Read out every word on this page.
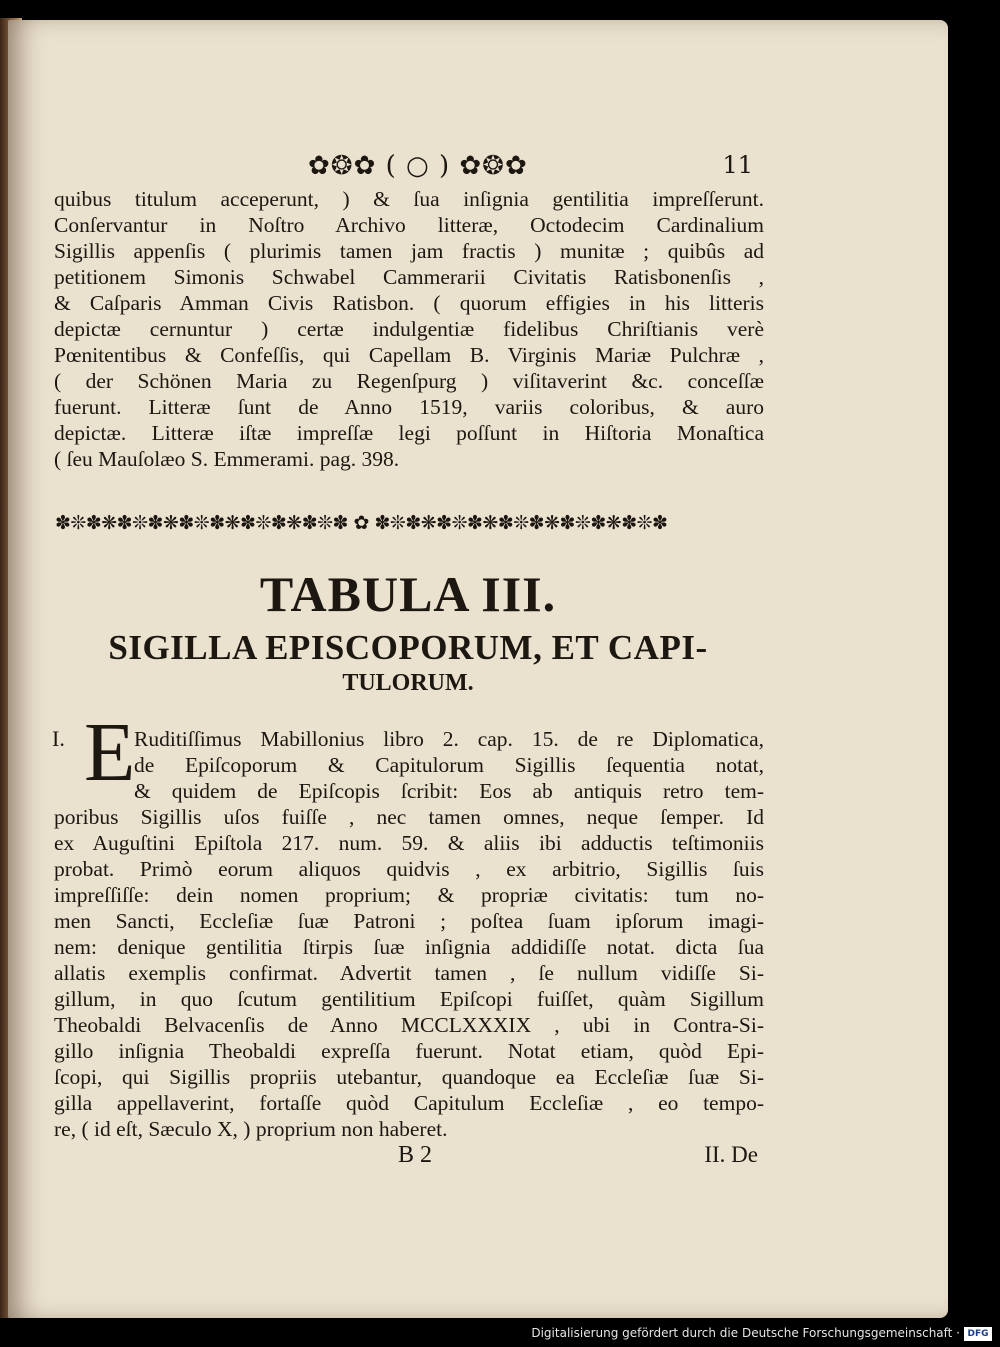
✿❂✿ ( ○ ) ✿❂✿	11
quibus titulum acceperunt, ) & ſua inſignia gentilitia impreſſerunt.
Conſervantur in Noſtro Archivo litteræ, Octodecim Cardinalium
Sigillis appenſis ( plurimis tamen jam fractis ) munitæ ; quibûs ad
petitionem Simonis Schwabel Cammerarii Civitatis Ratisbonenſis ,
& Caſparis Amman Civis Ratisbon. ( quorum effigies in his litteris
depictæ cernuntur ) certæ indulgentiæ fidelibus Chriſtianis verè
Pœnitentibus & Confeſſis, qui Capellam B. Virginis Mariæ Pulchræ ,
( der Schönen Maria zu Regenſpurg ) viſitaverint &c. conceſſæ
fuerunt. Litteræ ſunt de Anno 1519, variis coloribus, & auro
depictæ. Litteræ iſtæ impreſſæ legi poſſunt in Hiſtoria Monaſtica
( ſeu Mauſolæo S. Emmerami. pag. 398.
✽❊✽❋✽❊✽❋✽❊✽❋✽❊✽❋✽❊✽ ✿ ✽❊✽❋✽❊✽❋✽❊✽❋✽❊✽❋✽❊✽
TABULA III.
SIGILLA EPISCOPORUM, ET CAPI-
TULORUM.
I. E
Ruditiſſimus Mabillonius libro 2. cap. 15. de re Diplomatica,
de Epiſcoporum & Capitulorum Sigillis ſequentia notat,
& quidem de Epiſcopis ſcribit: Eos ab antiquis retro tem-
poribus Sigillis uſos fuiſſe , nec tamen omnes, neque ſemper. Id
ex Auguſtini Epiſtola 217. num. 59. & aliis ibi adductis teſtimoniis
probat. Primò eorum aliquos quidvis , ex arbitrio, Sigillis ſuis
impreſſiſſe: dein nomen proprium; & propriæ civitatis: tum no-
men Sancti, Eccleſiæ ſuæ Patroni ; poſtea ſuam ipſorum imagi-
nem: denique gentilitia ſtirpis ſuæ inſignia addidiſſe notat. dicta ſua
allatis exemplis confirmat. Advertit tamen , ſe nullum vidiſſe Si-
gillum, in quo ſcutum gentilitium Epiſcopi fuiſſet, quàm Sigillum
Theobaldi Belvacenſis de Anno MCCLXXXIX , ubi in Contra-Si-
gillo inſignia Theobaldi expreſſa fuerunt. Notat etiam, quòd Epi-
ſcopi, qui Sigillis propriis utebantur, quandoque ea Eccleſiæ ſuæ Si-
gilla appellaverint, fortaſſe quòd Capitulum Eccleſiæ , eo tempo-
re, ( id eſt, Sæculo X, ) proprium non haberet.
B 2	II. De
Digitalisierung gefördert durch die Deutsche Forschungsgemeinschaft · DFG
